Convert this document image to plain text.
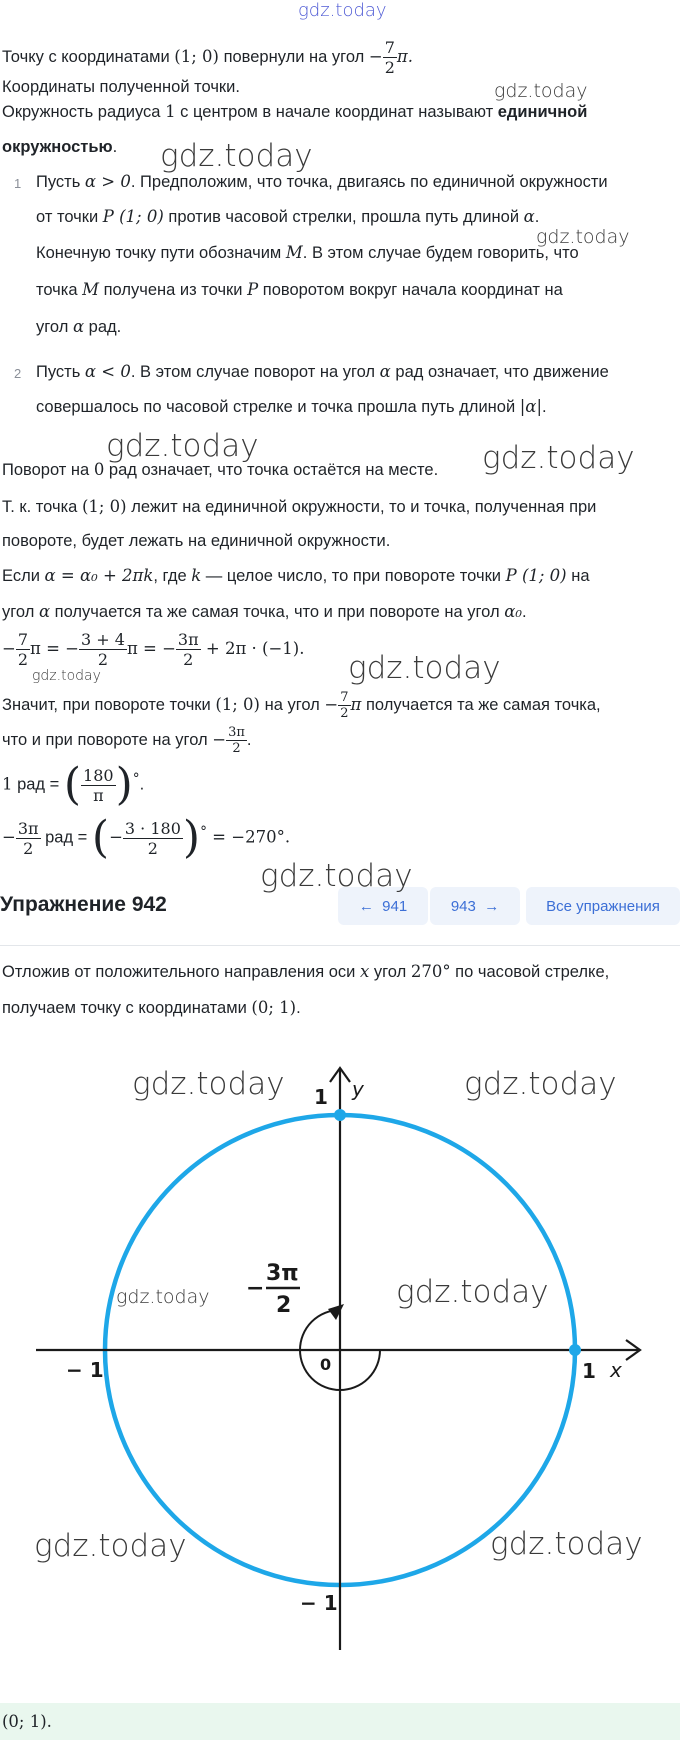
gdz.today
Точку с координатами (1; 0) повернули на угол − $\frac{7}{2} \pi$.
Координаты полученной точки.
Окружность радиуса 1 с центром в начале координат называют единичной
окружностью.
1 Пусть α > 0. Предположим, что точка, двигаясь по единичной окружности
от точки P (1; 0) против часовой стрелки, прошла путь длиной α.
Конечную точку пути обозначим M. В этом случае будем говорить, что
точка M получена из точки P поворотом вокруг начала координат на
угол α рад.
2 Пусть α < 0. В этом случае поворот на угол α рад означает, что движение
совершалось по часовой стрелке и точка прошла путь длиной |α|.
Поворот на 0 рад означает, что точка остаётся на месте.
Т. к. точка (1; 0) лежит на единичной окружности, то и точка, полученная при
повороте, будет лежать на единичной окружности.
Если α = α₀ + 2πk, где k — целое число, то при повороте точки P (1; 0) на
угол α получается та же самая точка, что и при повороте на угол α₀.
− $\frac{7}{2}$ π = − $\frac{3 + 4}{2}$ π = − $\frac{3\pi}{2} + 2\pi \cdot (-1)$.
Значит, при повороте точки (1; 0) на угол − $\frac{7}{2}$ π получается та же самая точка,
что и при повороте на угол − $\frac{3\pi}{2}$ .
1 рад = ( $\frac{180}{\pi} )^\circ$.
− $\frac{3\pi}{2}$ рад = (− $\frac{3 \cdot 180}{2} )^\circ = -270^\circ$.
Упражнение 942	←
941	943
→	Все упражнения
Отложив от положительного направления оси x угол 270° по часовой стрелке,
получаем точку с координатами (0; 1).
y
x
1
1
− 1
− 1
0
−
3π
2
(0; 1).
gdz.today
gdz.today
gdz.today
gdz.today	gdz.today
gdz.today	gdz.today
gdz.today
gdz.today	gdz.today
gdz.today	gdz.today
gdz.today	gdz.today
